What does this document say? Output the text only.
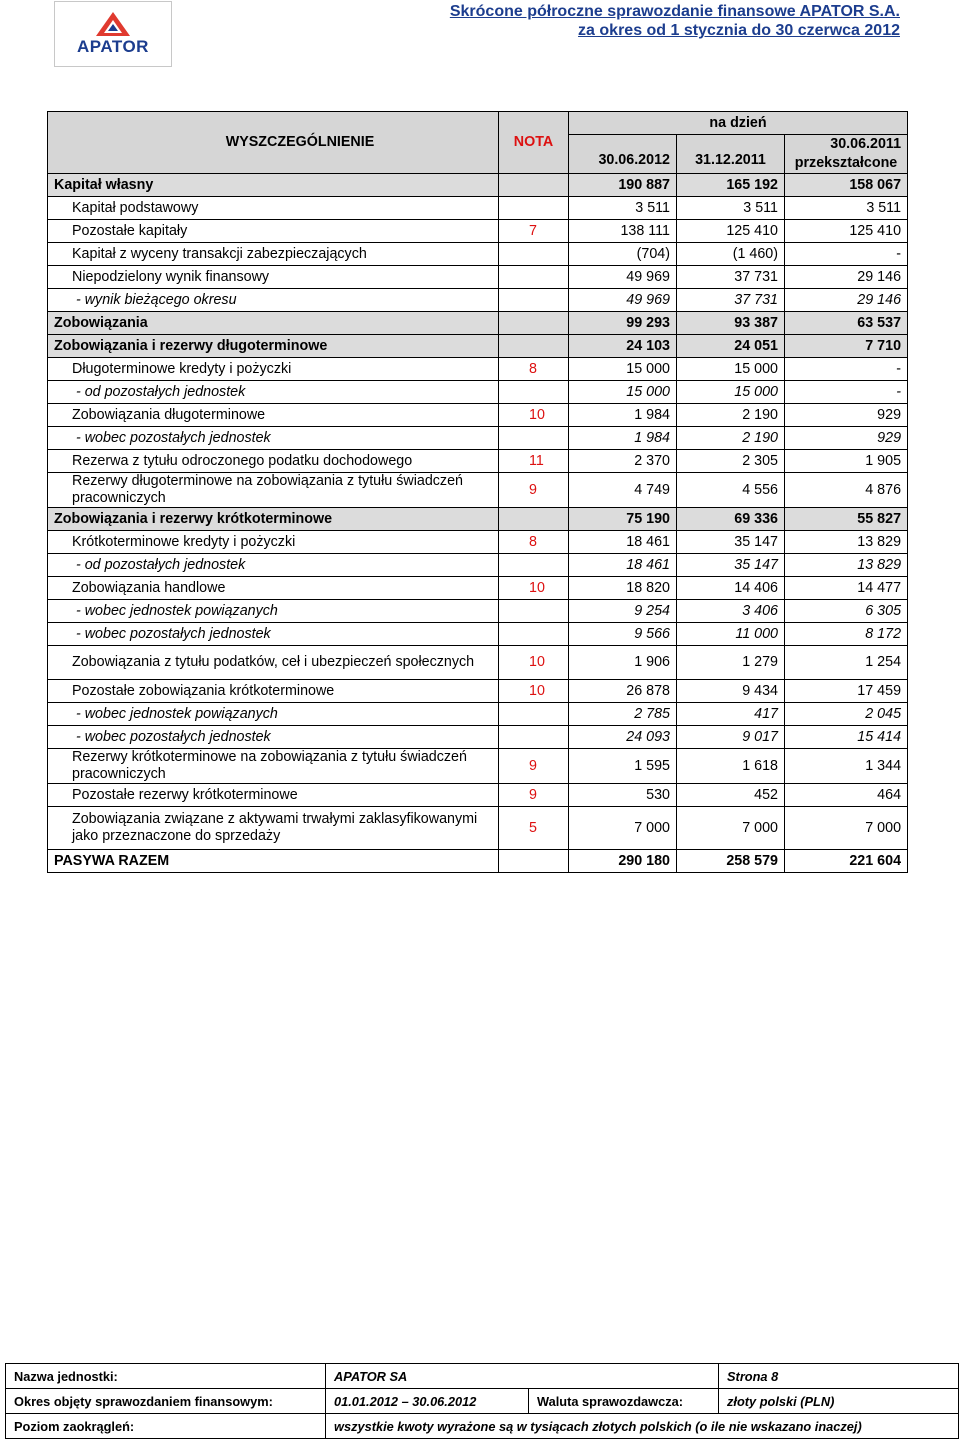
APATOR
Skrócone półroczne sprawozdanie finansowe APATOR S.A.
za okres od 1 stycznia do 30 czerwca 2012
WYSZCZEGÓLNIENIE	NOTA	na dzień		
		30.06.2012	31.12.2011	30.06.2011
przekształcone

Kapitał własny		190 887	165 192	158 067
Kapitał podstawowy		3 511	3 511	3 511
Pozostałe kapitały	7	138 111	125 410	125 410
Kapitał z wyceny transakcji zabezpieczających		(704)	(1 460)	-
Niepodzielony wynik finansowy		49 969	37 731	29 146
- wynik bieżącego okresu		49 969	37 731	29 146
Zobowiązania		99 293	93 387	63 537
Zobowiązania i rezerwy długoterminowe		24 103	24 051	7 710
Długoterminowe kredyty i pożyczki	8	15 000	15 000	-
- od pozostałych jednostek		15 000	15 000	-
Zobowiązania długoterminowe	10	1 984	2 190	929
- wobec pozostałych jednostek		1 984	2 190	929
Rezerwa z tytułu odroczonego podatku dochodowego	11	2 370	2 305	1 905
Rezerwy długoterminowe na zobowiązania z tytułu świadczeń pracowniczych	9	4 749	4 556	4 876
Zobowiązania i rezerwy krótkoterminowe		75 190	69 336	55 827
Krótkoterminowe kredyty i pożyczki	8	18 461	35 147	13 829
- od pozostałych jednostek		18 461	35 147	13 829
Zobowiązania handlowe	10	18 820	14 406	14 477
- wobec jednostek powiązanych		9 254	3 406	6 305
- wobec pozostałych jednostek		9 566	11 000	8 172
Zobowiązania z tytułu podatków, ceł i ubezpieczeń społecznych	10	1 906	1 279	1 254
Pozostałe zobowiązania krótkoterminowe	10	26 878	9 434	17 459
- wobec jednostek powiązanych		2 785	417	2 045
- wobec pozostałych jednostek		24 093	9 017	15 414
Rezerwy krótkoterminowe na zobowiązania z tytułu świadczeń pracowniczych	9	1 595	1 618	1 344
Pozostałe rezerwy krótkoterminowe	9	530	452	464
Zobowiązania związane z aktywami trwałymi zaklasyfikowanymi jako przeznaczone do sprzedaży	5	7 000	7 000	7 000
PASYWA RAZEM		290 180	258 579	221 604
Nazwa jednostki:	APATOR SA		Strona 8
Okres objęty sprawozdaniem finansowym:	01.01.2012 – 30.06.2012	Waluta sprawozdawcza:	złoty polski (PLN)
Poziom zaokrągleń:	wszystkie kwoty wyrażone są w tysiącach złotych polskich (o ile nie wskazano inaczej)		
